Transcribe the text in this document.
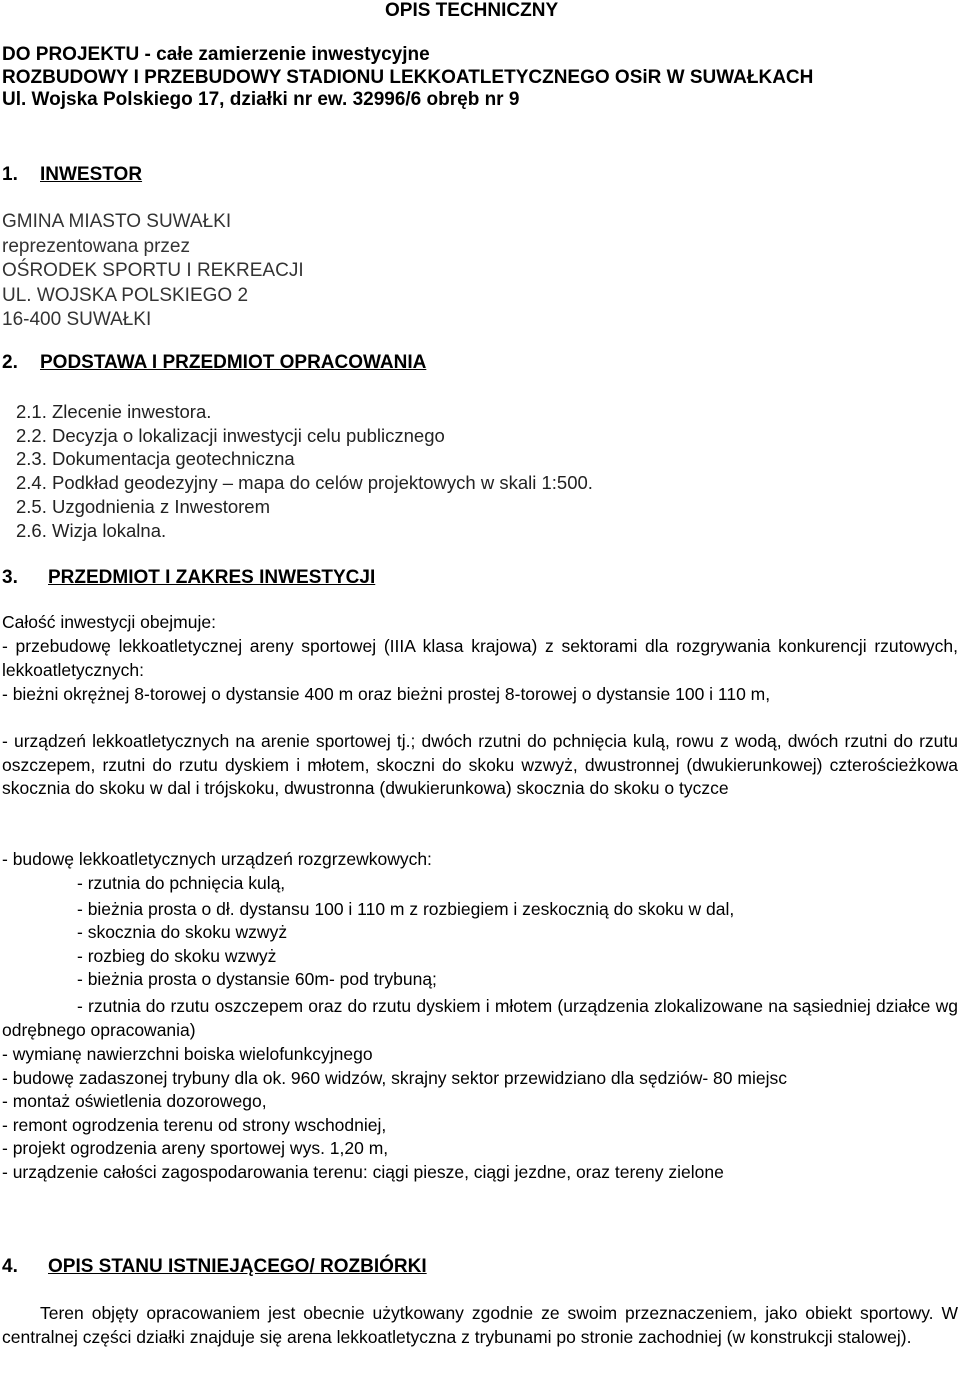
OPIS TECHNICZNY
DO PROJEKTU - całe zamierzenie inwestycyjne
ROZBUDOWY I PRZEBUDOWY STADIONU LEKKOATLETYCZNEGO OSiR W SUWAŁKACH
Ul. Wojska Polskiego 17, działki nr ew. 32996/6 obręb nr 9
1. INWESTOR
GMINA MIASTO SUWAŁKI
reprezentowana przez
OŚRODEK SPORTU I REKREACJI
UL. WOJSKA POLSKIEGO 2
16-400 SUWAŁKI
2. PODSTAWA I PRZEDMIOT OPRACOWANIA
2.1. Zlecenie inwestora.
2.2. Decyzja o lokalizacji inwestycji celu publicznego
2.3. Dokumentacja geotechniczna
2.4. Podkład geodezyjny – mapa do celów projektowych w skali 1:500.
2.5. Uzgodnienia z Inwestorem
2.6. Wizja lokalna.
3. PRZEDMIOT I ZAKRES INWESTYCJI
Całość inwestycji obejmuje:
- przebudowę lekkoatletycznej areny sportowej (IIIA klasa krajowa) z sektorami dla rozgrywania konkurencji rzutowych, lekkoatletycznych:
- bieżni okrężnej 8-torowej o dystansie 400 m oraz bieżni prostej 8-torowej o dystansie 100 i 110 m,
- urządzeń lekkoatletycznych na arenie sportowej tj.; dwóch rzutni do pchnięcia kulą, rowu z wodą, dwóch rzutni do rzutu oszczepem, rzutni do rzutu dyskiem i młotem, skoczni do skoku wzwyż, dwustronnej (dwukierunkowej) czterościeżkowa skocznia do skoku w dal i trójskoku, dwustronna (dwukierunkowa) skocznia do skoku o tyczce
- budowę lekkoatletycznych urządzeń rozgrzewkowych:
- rzutnia do pchnięcia kulą,
- bieżnia prosta o dł. dystansu 100 i 110 m z rozbiegiem i zeskocznią do skoku w dal,
- skocznia do skoku wzwyż
- rozbieg do skoku wzwyż
- bieżnia prosta o dystansie 60m- pod trybuną;
- rzutnia do rzutu oszczepem oraz do rzutu dyskiem i młotem (urządzenia zlokalizowane na sąsiedniej działce wg odrębnego opracowania)
- wymianę nawierzchni boiska wielofunkcyjnego
- budowę zadaszonej trybuny dla ok. 960 widzów, skrajny sektor przewidziano dla sędziów- 80 miejsc
- montaż oświetlenia dozorowego,
- remont ogrodzenia terenu od strony wschodniej,
- projekt ogrodzenia areny sportowej wys. 1,20 m,
- urządzenie całości zagospodarowania terenu: ciągi piesze, ciągi jezdne, oraz tereny zielone
4. OPIS STANU ISTNIEJĄCEGO/ ROZBIÓRKI
Teren objęty opracowaniem jest obecnie użytkowany zgodnie ze swoim przeznaczeniem, jako obiekt sportowy. W centralnej części działki znajduje się arena lekkoatletyczna z trybunami po stronie zachodniej (w konstrukcji stalowej).
